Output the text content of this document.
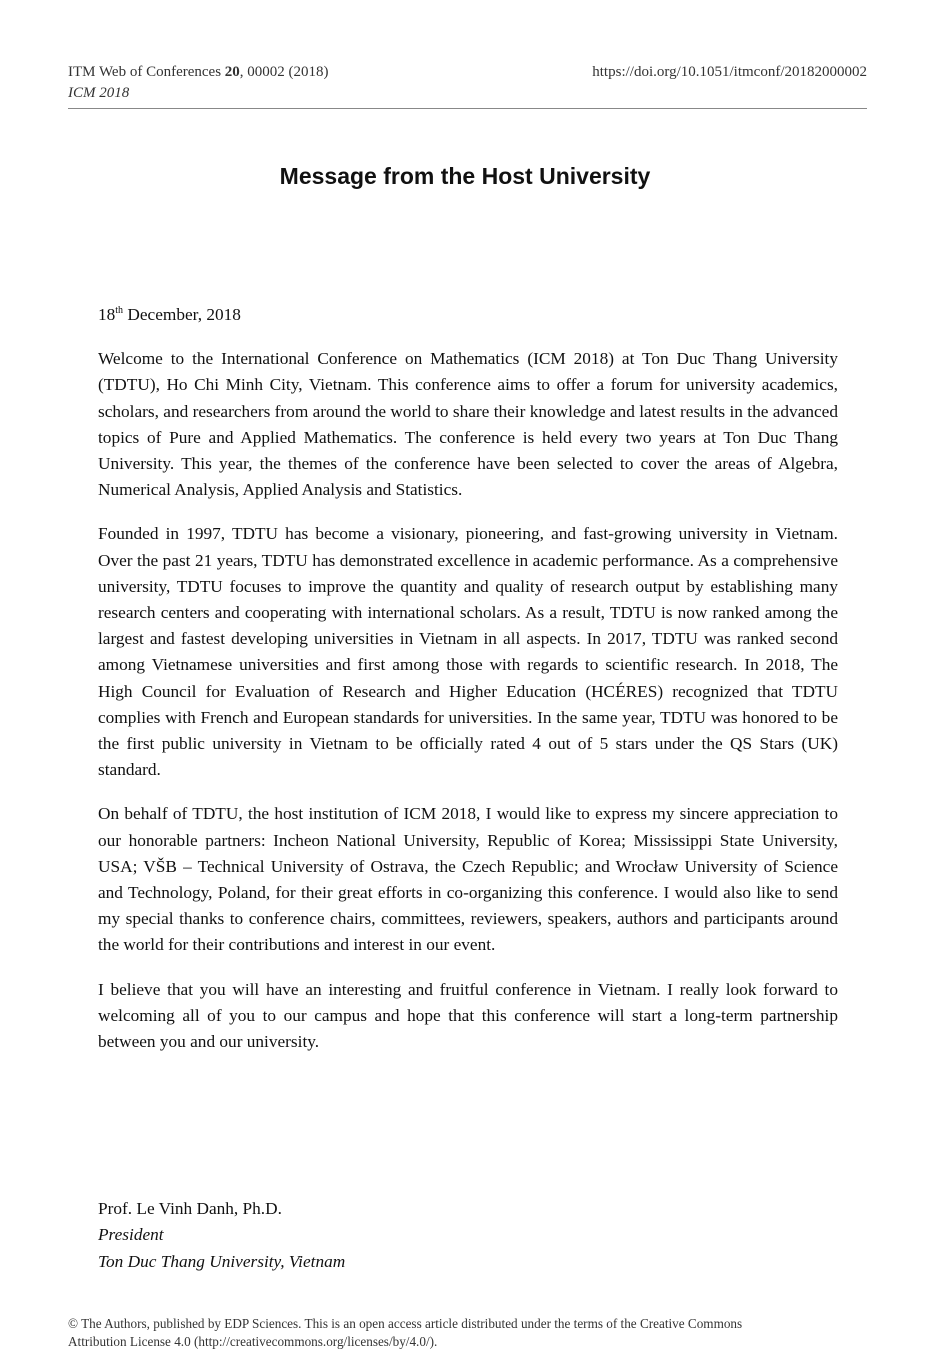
ITM Web of Conferences 20, 00002 (2018)	https://doi.org/10.1051/itmconf/20182000002
ICM 2018
Message from the Host University

18th December, 2018

Welcome to the International Conference on Mathematics (ICM 2018) at Ton Duc Thang University (TDTU), Ho Chi Minh City, Vietnam. This conference aims to offer a forum for university academics, scholars, and researchers from around the world to share their knowledge and latest results in the advanced topics of Pure and Applied Mathematics. The conference is held every two years at Ton Duc Thang University. This year, the themes of the conference have been selected to cover the areas of Algebra, Numerical Analysis, Applied Analysis and Statistics.

Founded in 1997, TDTU has become a visionary, pioneering, and fast-growing university in Vietnam. Over the past 21 years, TDTU has demonstrated excellence in academic performance. As a comprehensive university, TDTU focuses to improve the quantity and quality of research output by establishing many research centers and cooperating with international scholars. As a result, TDTU is now ranked among the largest and fastest developing universities in Vietnam in all aspects. In 2017, TDTU was ranked second among Vietnamese universities and first among those with regards to scientific research. In 2018, The High Council for Evaluation of Research and Higher Education (HCÉRES) recognized that TDTU complies with French and European standards for universities. In the same year, TDTU was honored to be the first public university in Vietnam to be officially rated 4 out of 5 stars under the QS Stars (UK) standard.

On behalf of TDTU, the host institution of ICM 2018, I would like to express my sincere appreciation to our honorable partners: Incheon National University, Republic of Korea; Mississippi State University, USA; VŠB – Technical University of Ostrava, the Czech Republic; and Wrocław University of Science and Technology, Poland, for their great efforts in co-organizing this conference. I would also like to send my special thanks to conference chairs, committees, reviewers, speakers, authors and participants around the world for their contributions and interest in our event.

I believe that you will have an interesting and fruitful conference in Vietnam. I really look forward to welcoming all of you to our campus and hope that this conference will start a long-term partnership between you and our university.

Prof. Le Vinh Danh, Ph.D.
President
Ton Duc Thang University, Vietnam
© The Authors, published by EDP Sciences. This is an open access article distributed under the terms of the Creative Commons
Attribution License 4.0 (http://creativecommons.org/licenses/by/4.0/).
